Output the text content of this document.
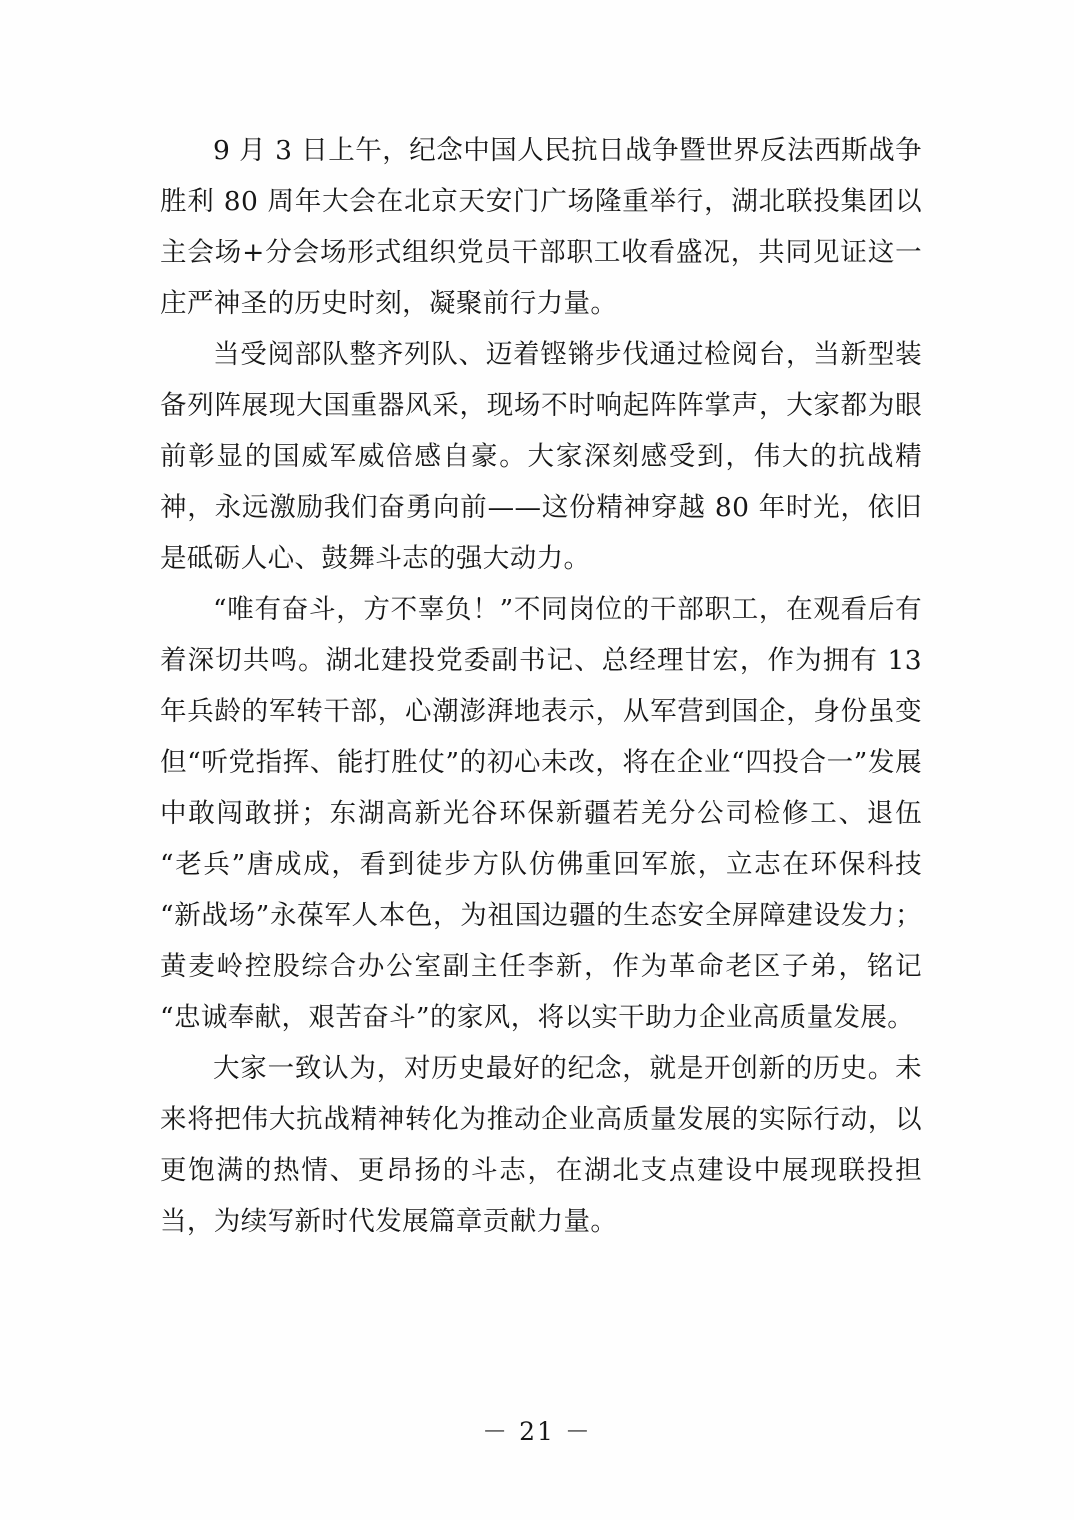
9 月 3 日上午，纪念中国人民抗日战争暨世界反法西斯战争胜利 80 周年大会在北京天安门广场隆重举行，湖北联投集团以主会场+分会场形式组织党员干部职工收看盛况，共同见证这一庄严神圣的历史时刻，凝聚前行力量。

当受阅部队整齐列队、迈着铿锵步伐通过检阅台，当新型装备列阵展现大国重器风采，现场不时响起阵阵掌声，大家都为眼前彰显的国威军威倍感自豪。大家深刻感受到，伟大的抗战精神，永远激励我们奋勇向前——这份精神穿越 80 年时光，依旧是砥砺人心、鼓舞斗志的强大动力。

“唯有奋斗，方不辜负！”不同岗位的干部职工，在观看后有着深切共鸣。湖北建投党委副书记、总经理甘宏，作为拥有 13 年兵龄的军转干部，心潮澎湃地表示，从军营到国企，身份虽变但“听党指挥、能打胜仗”的初心未改，将在企业“四投合一”发展中敢闯敢拼；东湖高新光谷环保新疆若羌分公司检修工、退伍“老兵”唐成成，看到徒步方队仿佛重回军旅，立志在环保科技“新战场”永葆军人本色，为祖国边疆的生态安全屏障建设发力；黄麦岭控股综合办公室副主任李新，作为革命老区子弟，铭记“忠诚奉献，艰苦奋斗”的家风，将以实干助力企业高质量发展。

大家一致认为，对历史最好的纪念，就是开创新的历史。未来将把伟大抗战精神转化为推动企业高质量发展的实际行动，以更饱满的热情、更昂扬的斗志，在湖北支点建设中展现联投担当，为续写新时代发展篇章贡献力量。

－ 21 －
